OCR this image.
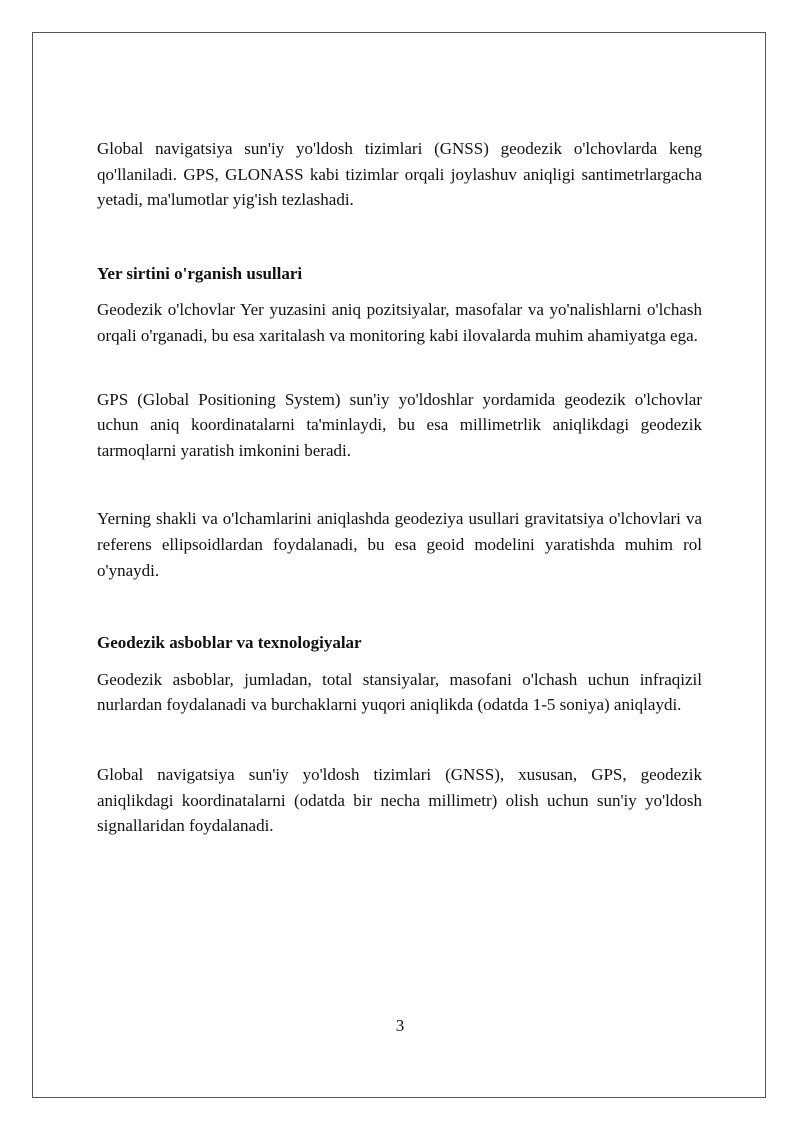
Global navigatsiya sun'iy yo'ldosh tizimlari (GNSS) geodezik o'lchovlarda keng qo'llaniladi. GPS, GLONASS kabi tizimlar orqali joylashuv aniqligi santimetrlargacha yetadi, ma'lumotlar yig'ish tezlashadi.

Yer sirtini o'rganish usullari

Geodezik o'lchovlar Yer yuzasini aniq pozitsiyalar, masofalar va yo'nalishlarni o'lchash orqali o'rganadi, bu esa xaritalash va monitoring kabi ilovalarda muhim ahamiyatga ega.

GPS (Global Positioning System) sun'iy yo'ldoshlar yordamida geodezik o'lchovlar uchun aniq koordinatalarni ta'minlaydi, bu esa millimetrlik aniqlikdagi geodezik tarmoqlarni yaratish imkonini beradi.

Yerning shakli va o'lchamlarini aniqlashda geodeziya usullari gravitatsiya o'lchovlari va referens ellipsoidlardan foydalanadi, bu esa geoid modelini yaratishda muhim rol o'ynaydi.

Geodezik asboblar va texnologiyalar

Geodezik asboblar, jumladan, total stansiyalar, masofani o'lchash uchun infraqizil nurlardan foydalanadi va burchaklarni yuqori aniqlikda (odatda 1-5 soniya) aniqlaydi.

Global navigatsiya sun'iy yo'ldosh tizimlari (GNSS), xususan, GPS, geodezik aniqlikdagi koordinatalarni (odatda bir necha millimetr) olish uchun sun'iy yo'ldosh signallaridan foydalanadi.

3
